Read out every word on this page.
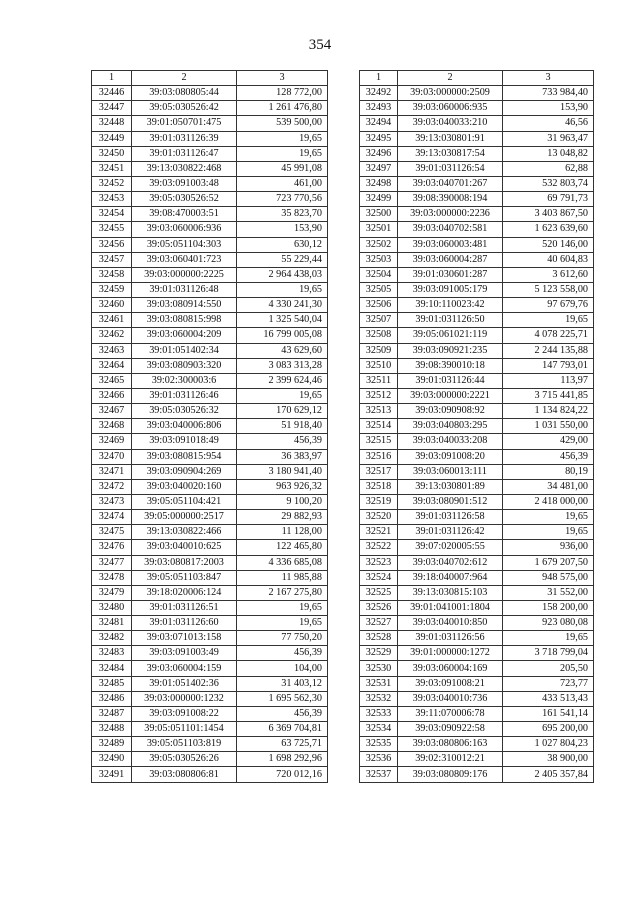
354
1	2	3
32446	39:03:080805:44	128 772,00
32447	39:05:030526:42	1 261 476,80
32448	39:01:050701:475	539 500,00
32449	39:01:031126:39	19,65
32450	39:01:031126:47	19,65
32451	39:13:030822:468	45 991,08
32452	39:03:091003:48	461,00
32453	39:05:030526:52	723 770,56
32454	39:08:470003:51	35 823,70
32455	39:03:060006:936	153,90
32456	39:05:051104:303	630,12
32457	39:03:060401:723	55 229,44
32458	39:03:000000:2225	2 964 438,03
32459	39:01:031126:48	19,65
32460	39:03:080914:550	4 330 241,30
32461	39:03:080815:998	1 325 540,04
32462	39:03:060004:209	16 799 005,08
32463	39:01:051402:34	43 629,60
32464	39:03:080903:320	3 083 313,28
32465	39:02:300003:6	2 399 624,46
32466	39:01:031126:46	19,65
32467	39:05:030526:32	170 629,12
32468	39:03:040006:806	51 918,40
32469	39:03:091018:49	456,39
32470	39:03:080815:954	36 383,97
32471	39:03:090904:269	3 180 941,40
32472	39:03:040020:160	963 926,32
32473	39:05:051104:421	9 100,20
32474	39:05:000000:2517	29 882,93
32475	39:13:030822:466	11 128,00
32476	39:03:040010:625	122 465,80
32477	39:03:080817:2003	4 336 685,08
32478	39:05:051103:847	11 985,88
32479	39:18:020006:124	2 167 275,80
32480	39:01:031126:51	19,65
32481	39:01:031126:60	19,65
32482	39:03:071013:158	77 750,20
32483	39:03:091003:49	456,39
32484	39:03:060004:159	104,00
32485	39:01:051402:36	31 403,12
32486	39:03:000000:1232	1 695 562,30
32487	39:03:091008:22	456,39
32488	39:05:051101:1454	6 369 704,81
32489	39:05:051103:819	63 725,71
32490	39:05:030526:26	1 698 292,96
32491	39:03:080806:81	720 012,16
1	2	3
32492	39:03:000000:2509	733 984,40
32493	39:03:060006:935	153,90
32494	39:03:040033:210	46,56
32495	39:13:030801:91	31 963,47
32496	39:13:030817:54	13 048,82
32497	39:01:031126:54	62,88
32498	39:03:040701:267	532 803,74
32499	39:08:390008:194	69 791,73
32500	39:03:000000:2236	3 403 867,50
32501	39:03:040702:581	1 623 639,60
32502	39:03:060003:481	520 146,00
32503	39:03:060004:287	40 604,83
32504	39:01:030601:287	3 612,60
32505	39:03:091005:179	5 123 558,00
32506	39:10:110023:42	97 679,76
32507	39:01:031126:50	19,65
32508	39:05:061021:119	4 078 225,71
32509	39:03:090921:235	2 244 135,88
32510	39:08:390010:18	147 793,01
32511	39:01:031126:44	113,97
32512	39:03:000000:2221	3 715 441,85
32513	39:03:090908:92	1 134 824,22
32514	39:03:040803:295	1 031 550,00
32515	39:03:040033:208	429,00
32516	39:03:091008:20	456,39
32517	39:03:060013:111	80,19
32518	39:13:030801:89	34 481,00
32519	39:03:080901:512	2 418 000,00
32520	39:01:031126:58	19,65
32521	39:01:031126:42	19,65
32522	39:07:020005:55	936,00
32523	39:03:040702:612	1 679 207,50
32524	39:18:040007:964	948 575,00
32525	39:13:030815:103	31 552,00
32526	39:01:041001:1804	158 200,00
32527	39:03:040010:850	923 080,08
32528	39:01:031126:56	19,65
32529	39:01:000000:1272	3 718 799,04
32530	39:03:060004:169	205,50
32531	39:03:091008:21	723,77
32532	39:03:040010:736	433 513,43
32533	39:11:070006:78	161 541,14
32534	39:03:090922:58	695 200,00
32535	39:03:080806:163	1 027 804,23
32536	39:02:310012:21	38 900,00
32537	39:03:080809:176	2 405 357,84
